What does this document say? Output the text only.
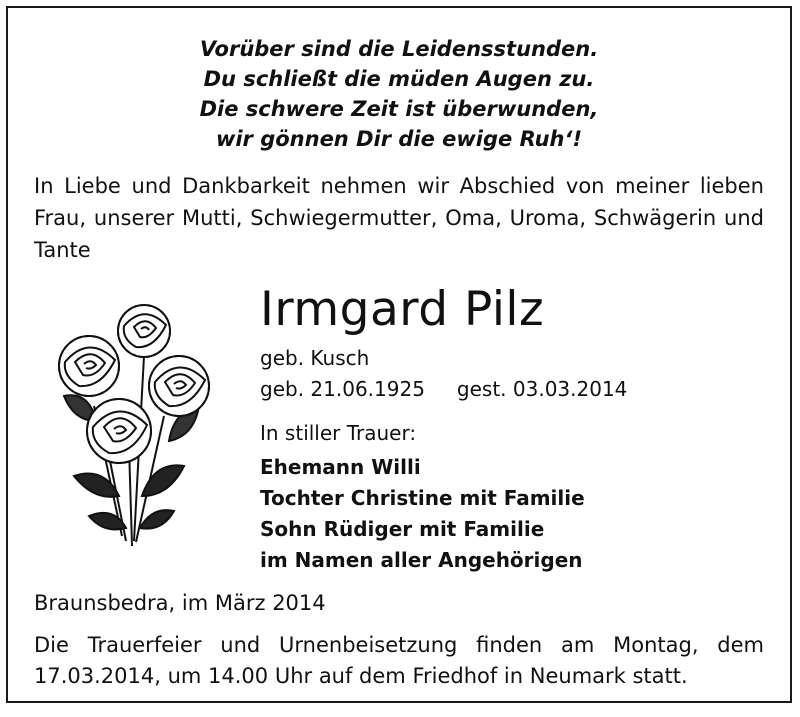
Vorüber sind die Leidensstunden.
Du schließt die müden Augen zu.
Die schwere Zeit ist überwunden,
wir gönnen Dir die ewige Ruh‘!
In Liebe und Dankbarkeit nehmen wir Abschied von meiner lieben Frau, unserer Mutti, Schwiegermutter, Oma, Uroma, Schwägerin und Tante
Irmgard Pilz
geb. Kusch
geb. 21.06.1925 gest. 03.03.2014
In stiller Trauer:
Ehemann Willi
Tochter Christine mit Familie
Sohn Rüdiger mit Familie
im Namen aller Angehörigen
Braunsbedra, im März 2014
Die Trauerfeier und Urnenbeisetzung finden am Montag, dem 17.03.2014, um 14.00 Uhr auf dem Friedhof in Neumark statt.
